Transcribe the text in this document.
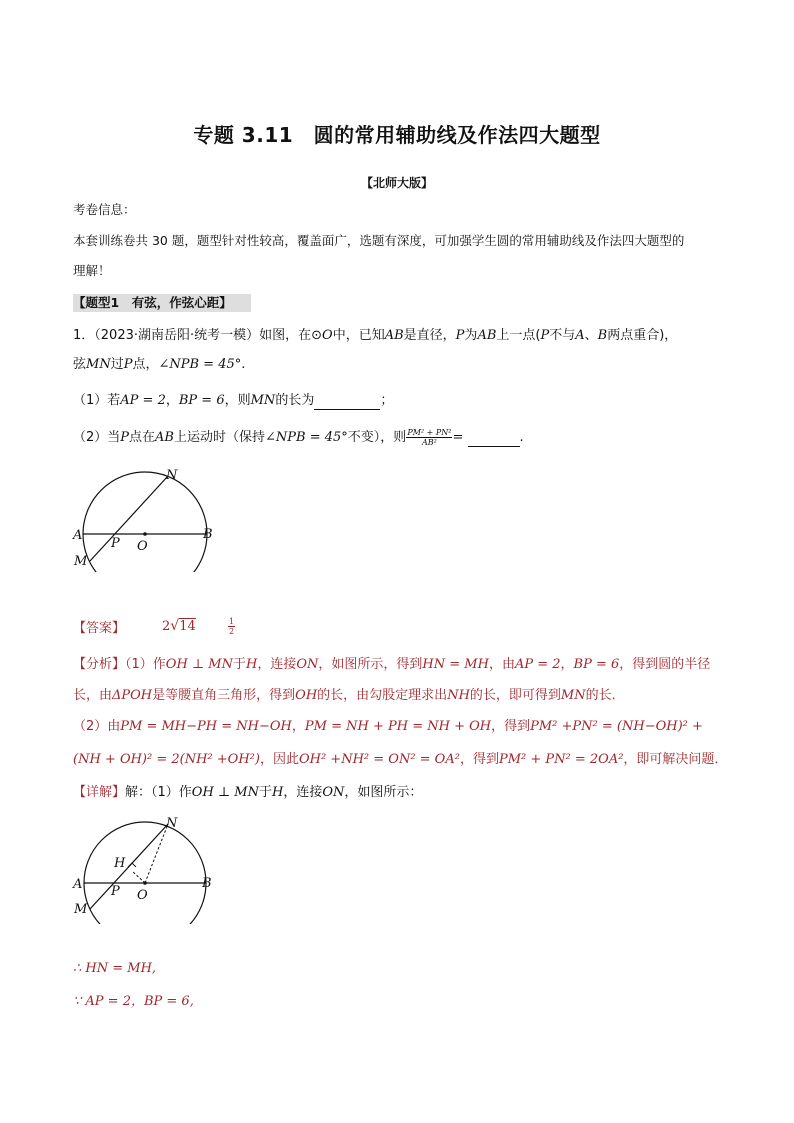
专题 3.11　圆的常用辅助线及作法四大题型
【北师大版】
考卷信息：
本套训练卷共 30 题，题型针对性较高，覆盖面广，选题有深度，可加强学生圆的常用辅助线及作法四大题型的
理解！
【题型1　有弦，作弦心距】
1．（2023·湖南岳阳·统考一模）如图，在⊙O中，已知AB是直径，P为AB上一点(P不与A、B两点重合)，
弦MN过P点，∠NPB = 45°.
（1）若AP = 2，BP = 6，则MN的长为	；
（2）当P点在AB上运动时（保持∠NPB = 45°不变），则 $\frac{\text{PM² + PN²}}{\text{AB²}}$ =	.
A	B
M
N
P O
【答案】	2√14	$\frac{1}{2}$
【分析】（1）作OH ⊥ MN于H，连接ON，如图所示，得到HN = MH，由AP = 2，BP = 6，得到圆的半径
长，由ΔPOH是等腰直角三角形，得到OH的长，由勾股定理求出NH的长，即可得到MN的长．
（2）由PM = MH−PH = NH−OH，PM = NH + PH = NH + OH，得到PM² +PN² = (NH−OH)² +
(NH + OH)² = 2(NH² +OH²)，因此OH² +NH² = ON² = OA²，得到PM² + PN² = 2OA²，即可解决问题．
【详解】解：（1）作OH ⊥ MN于H，连接ON，如图所示：
A	B
M
N
H
P O
∴ HN = MH,
∵ AP = 2，BP = 6,
